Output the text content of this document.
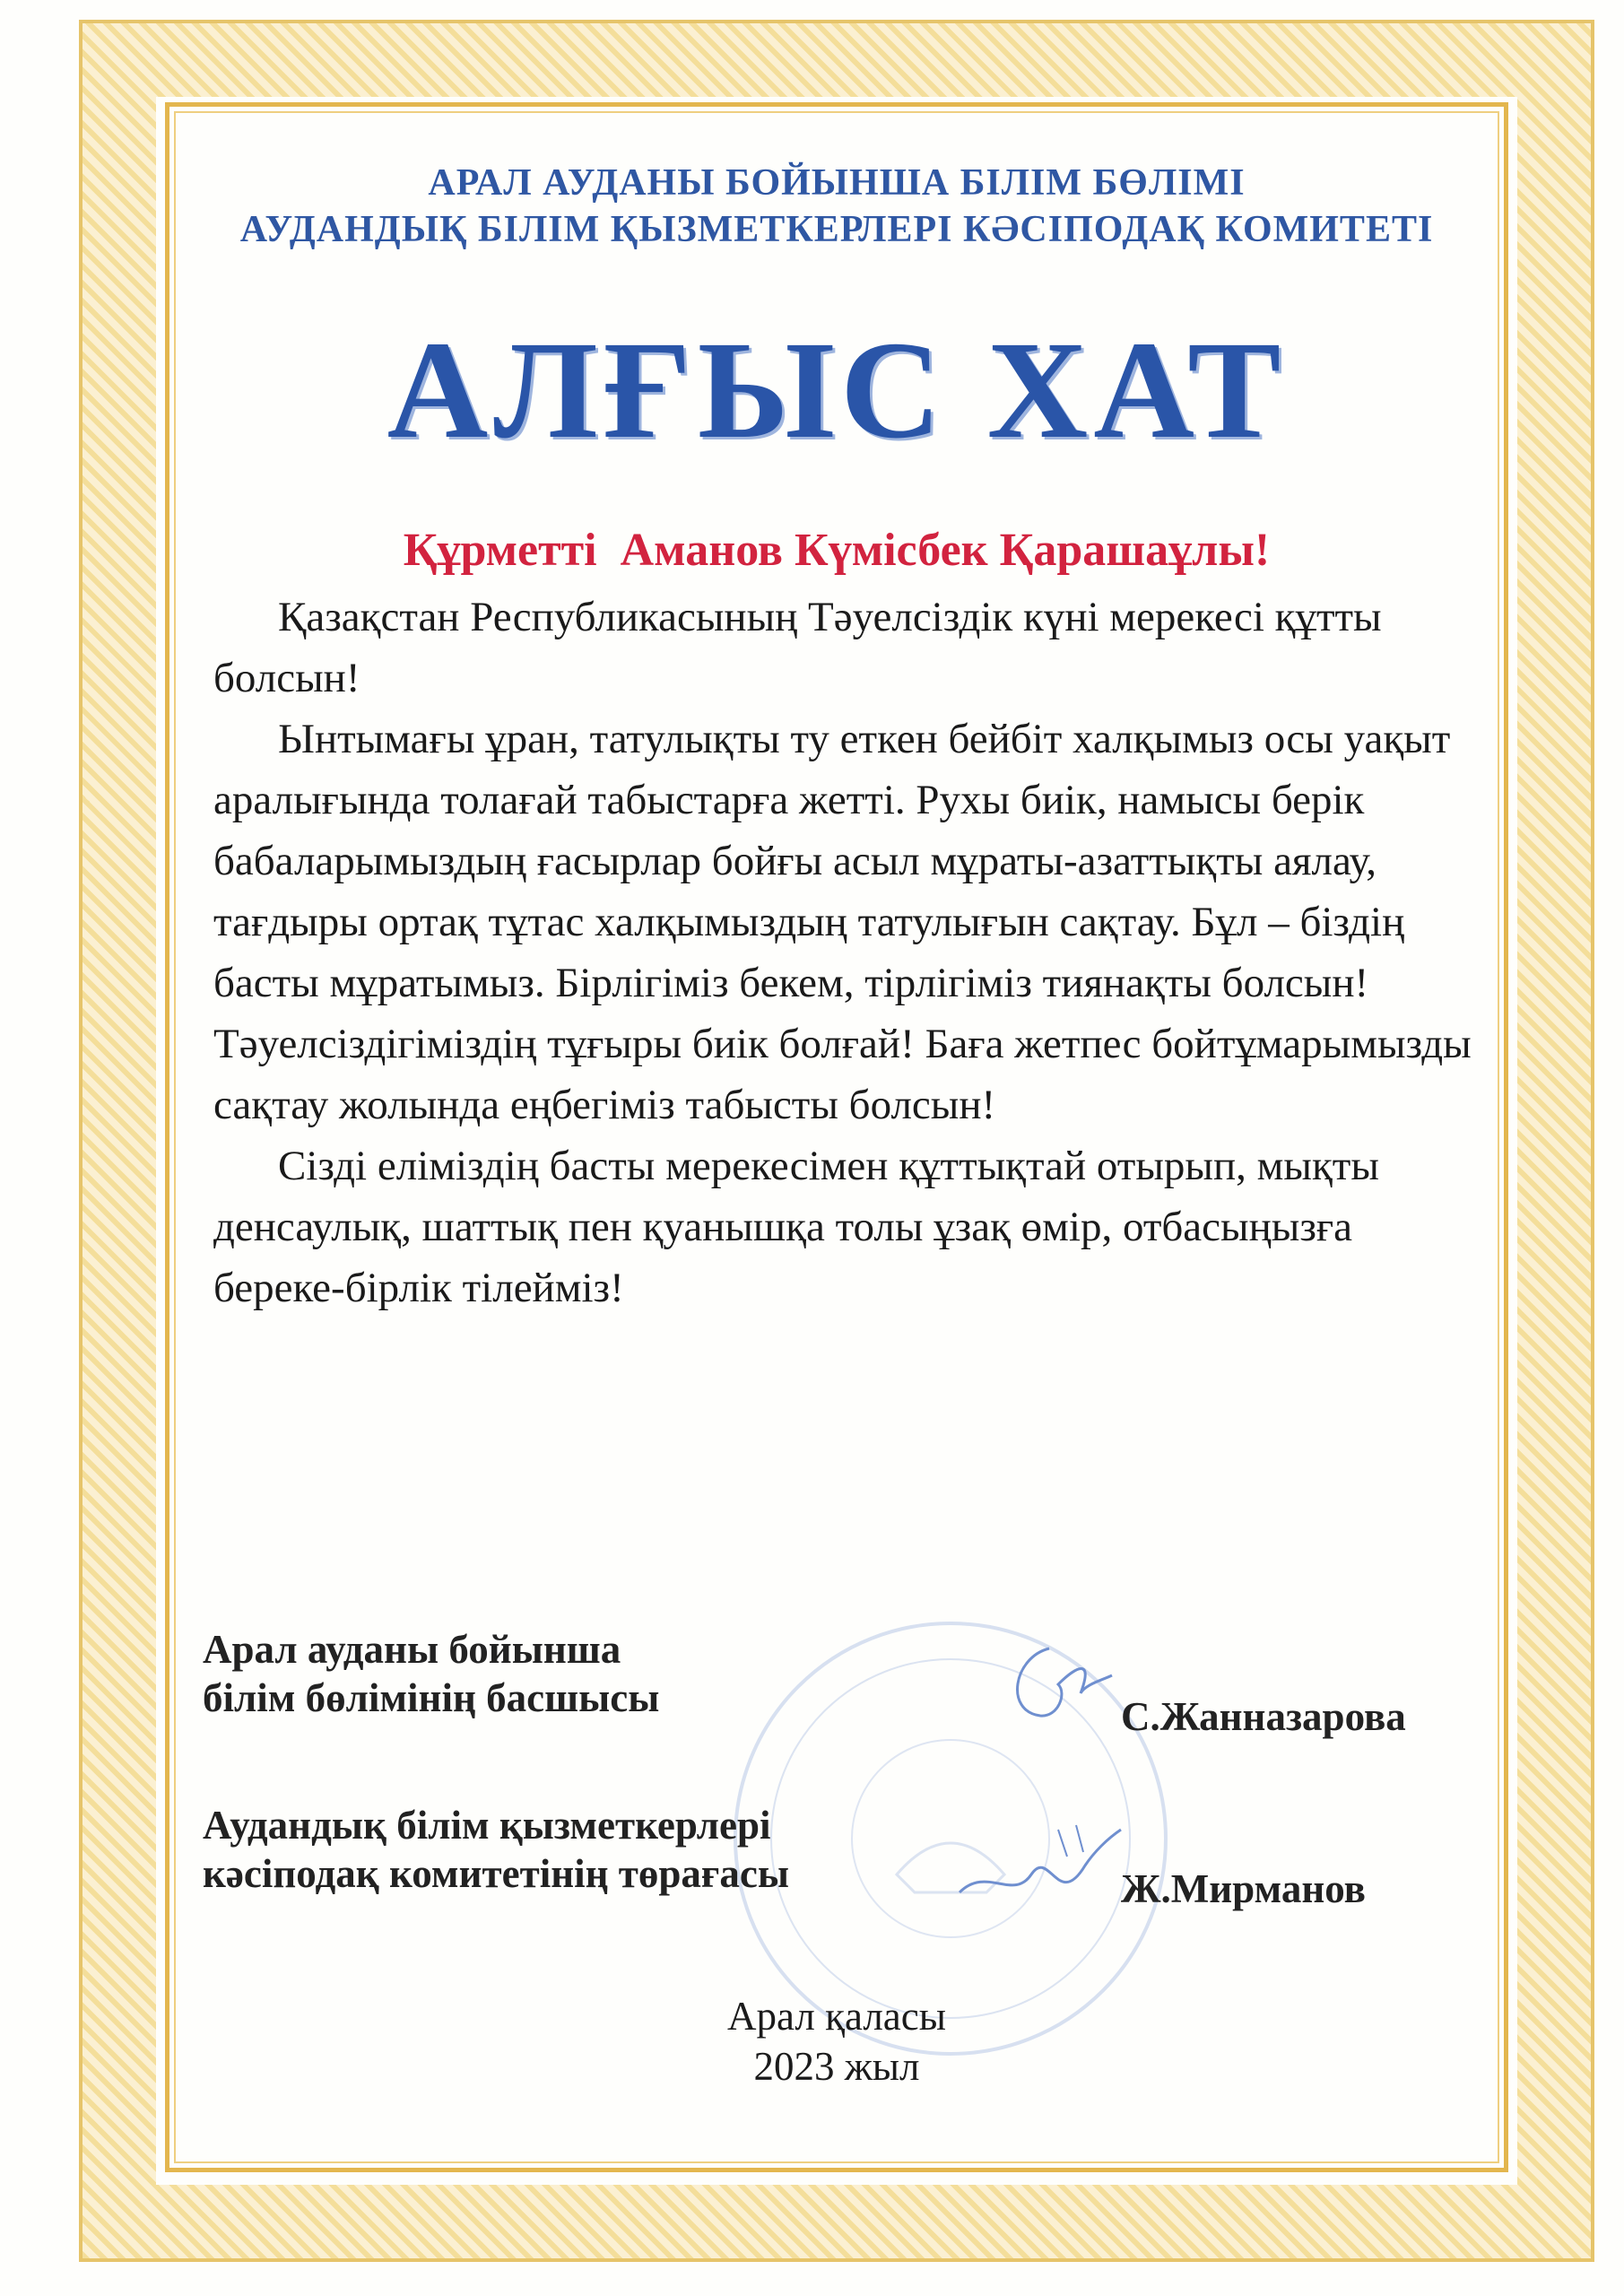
АРАЛ АУДАНЫ БОЙЫНША БІЛІМ БӨЛІМІ
АУДАНДЫҚ БІЛІМ ҚЫЗМЕТКЕРЛЕРІ КӘСІПОДАҚ КОМИТЕТІ
АЛҒЫС ХАТ
Құрметті  Аманов Күмісбек Қарашаұлы!

Қазақстан Республикасының Тәуелсіздік күні мерекесі құтты болсын!

Ынтымағы ұран, татулықты ту еткен бейбіт халқымыз осы уақыт аралығында толағай табыстарға жетті. Рухы биік, намысы берік бабаларымыздың ғасырлар бойғы асыл мұраты-азаттықты аялау, тағдыры ортақ тұтас халқымыздың татулығын сақтау. Бұл – біздің басты мұратымыз. Бірлігіміз бекем, тірлігіміз тиянақты болсын! Тәуелсіздігіміздің тұғыры биік болғай! Баға жетпес бойтұмарымызды сақтау жолында еңбегіміз табысты болсын!

Сізді еліміздің басты мерекесімен құттықтай отырып, мықты денсаулық, шаттық пен қуанышқа толы ұзақ өмір, отбасыңызға береке-бірлік тілейміз!

Арал ауданы бойынша
білім бөлімінің басшысы	С.Жанназарова
Аудандық білім қызметкерлері
кәсіподақ комитетінің төрағасы	Ж.Мирманов
Арал қаласы
2023 жыл
